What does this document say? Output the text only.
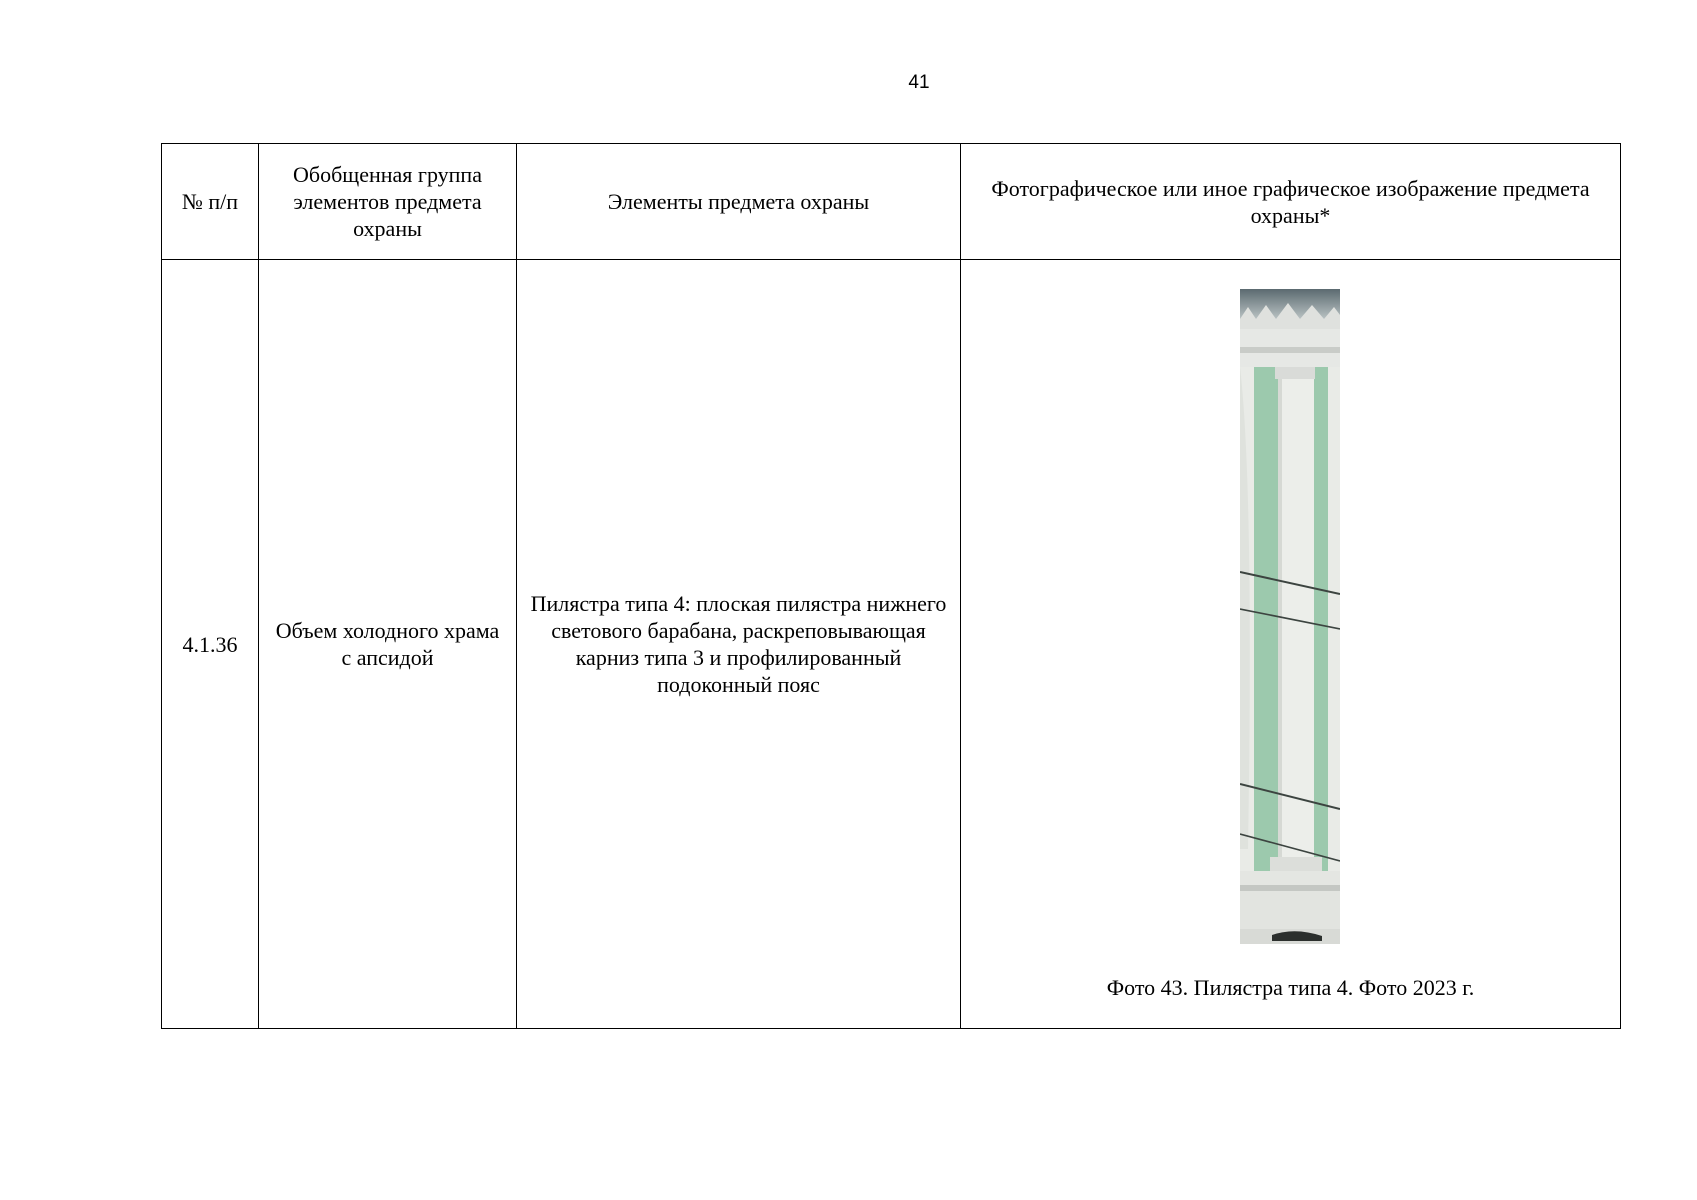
41
№ п/п	Обобщенная группа элементов предмета охраны	Элементы предмета охраны	Фотографическое или иное графическое изображение предмета охраны*
4.1.36	Объем холодного храма с апсидой	Пилястра типа 4: плоская пилястра нижнего светового барабана, раскреповывающая карниз типа 3 и профилированный подоконный пояс	Фото 43. Пилястра типа 4. Фото 2023 г.
